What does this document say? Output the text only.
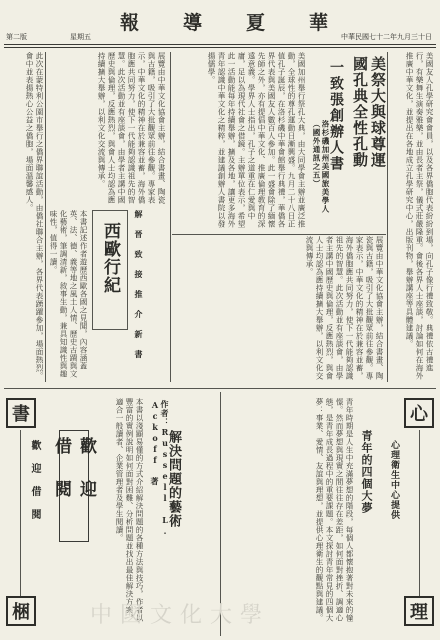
報 導 夏 華
第二版	星期五	中華民國七十二年九月三十日
美國友人孔學研究會會員，以及各界僑胞代表紛紛到場，向孔子像行禮致敬。典禮依古禮進行，有樂舞生演奏雅樂，並由長者主祭，儀式莊嚴隆重。會後各界人士座談，討論如何在海外推廣中華文化，並提出在各地成立孔學研究中心，出版刊物，舉辦講座等具體建議。
美祭大與球尊運
國孔典全性孔動
一致張創辦人書
洛杉磯加州美國旅美學人（國外通訊之五）
美國加州舉行祭孔大典，由大同學會主辦並廣泛推動，全球性的尊孔運動日漸興盛。九月二十八日正值孔子誕辰，在洛杉磯中華會館舉行典禮，華僑各界代表與美國友人數百人參加。此一盛會除了緬懷先師之外，亦有提倡中華文化、推廣倫理教育的深遠意義。學界人士指出，孔子之道重在仁愛與中庸，足以為現代社會之借鏡。主辦單位表示，希望此一活動能每年持續舉辦，擴及各地，讓更多海外青年認識中華文化之精粹，並建議創辦人書院以發揚儒學。
展覽由中華文化協會主辦，結合書畫、陶瓷與古籍，吸引了大批觀眾前往參觀。專家表示，中華文化的精神在於兼容並蓄，海外僑胞應共同努力，使下一代能夠認識祖先的智慧。此次活動並有座談會，由學者主講中國歷史與倫理，反應熱烈，與會人士均認為應持續擴大舉辦，以利文化交流與傳承。
解 晉 致 接 推 介 新 書
西歐行紀
本書記述作者遊歷西歐各國之見聞，內容涵蓋英、法、德、義等地之風土人情、歷史古蹟與文化藝術，筆調清新，敘事生動，兼具知識性與趣味性，值得一讀。
展覽由中華文化協會主辦，結合書畫、陶瓷與古籍，吸引了大批觀眾前往參觀。專家表示，中華文化的精神在於兼容並蓄，海外僑胞應共同努力，使下一代能夠認識祖先的智慧。此次活動並有座談會，由學者主講中國歷史與倫理，反應熱烈，與會人士均認為應持續擴大舉辦，以利文化交流與傳承。
此次在蒙特利公園市舉行之僑界聯誼活動，由僑社聯合主辦，各界代表踴躍參加，場面熱烈。會中並表揚熱心公益之僑胞，場面溫馨感人。
書
梱
歡 迎 借 閱	歡 迎 借 閱	本書以淺顯易懂的方式介紹解決問題的各種方法與技巧，作者以豐富的實例說明如何面對困難、分析問題並找出最佳解決方案，適合一般讀者、企業管理者及學生閱讀。	作者：Russell L. Ackoff 著 解決問題的藝術
心
理
心理衛生中心提供
青年的四個大夢
青年時期是人生中充滿夢想的階段，每個人都懷抱著對未來的憧憬。然而夢想與現實之間往往存在差距，如何面對挫折、調適心態，是青年成長過程中的重要課題。本文探討青年常見的四個大夢：事業、愛情、友誼與理想，並提供心理衛生的觀點與建議。
中國文化大學
